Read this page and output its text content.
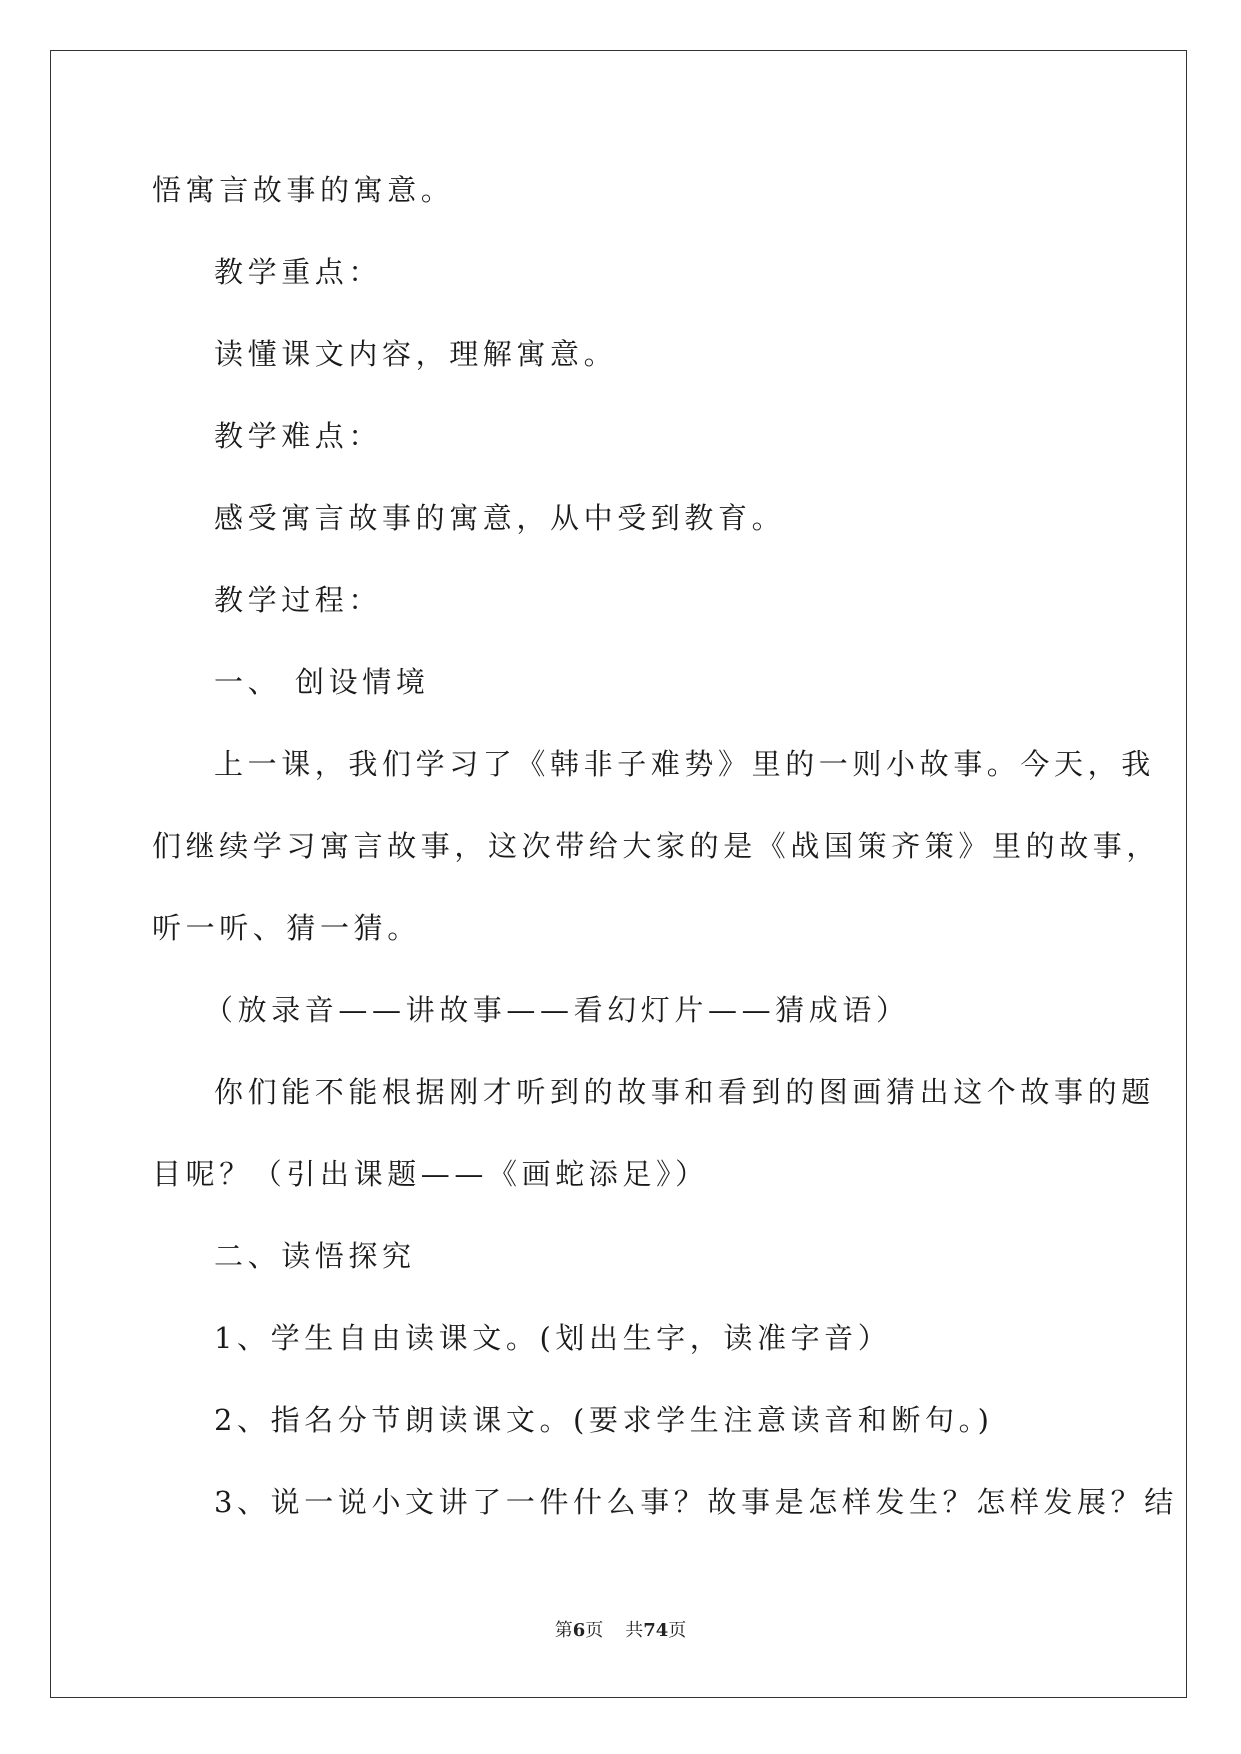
悟寓言故事的寓意。
教学重点：
读懂课文内容，理解寓意。
教学难点：
感受寓言故事的寓意，从中受到教育。
教学过程：
一、 创设情境
上一课，我们学习了《韩非子难势》里的一则小故事。今天，我
们继续学习寓言故事，这次带给大家的是《战国策齐策》里的故事，
听一听、猜一猜。
（放录音——讲故事——看幻灯片——猜成语）
你们能不能根据刚才听到的故事和看到的图画猜出这个故事的题
目呢？（引出课题——《画蛇添足》）
二、读悟探究
1、学生自由读课文。(划出生字，读准字音）
2、指名分节朗读课文。(要求学生注意读音和断句。)
3、说一说小文讲了一件什么事？故事是怎样发生？怎样发展？结
第6页 共74页
